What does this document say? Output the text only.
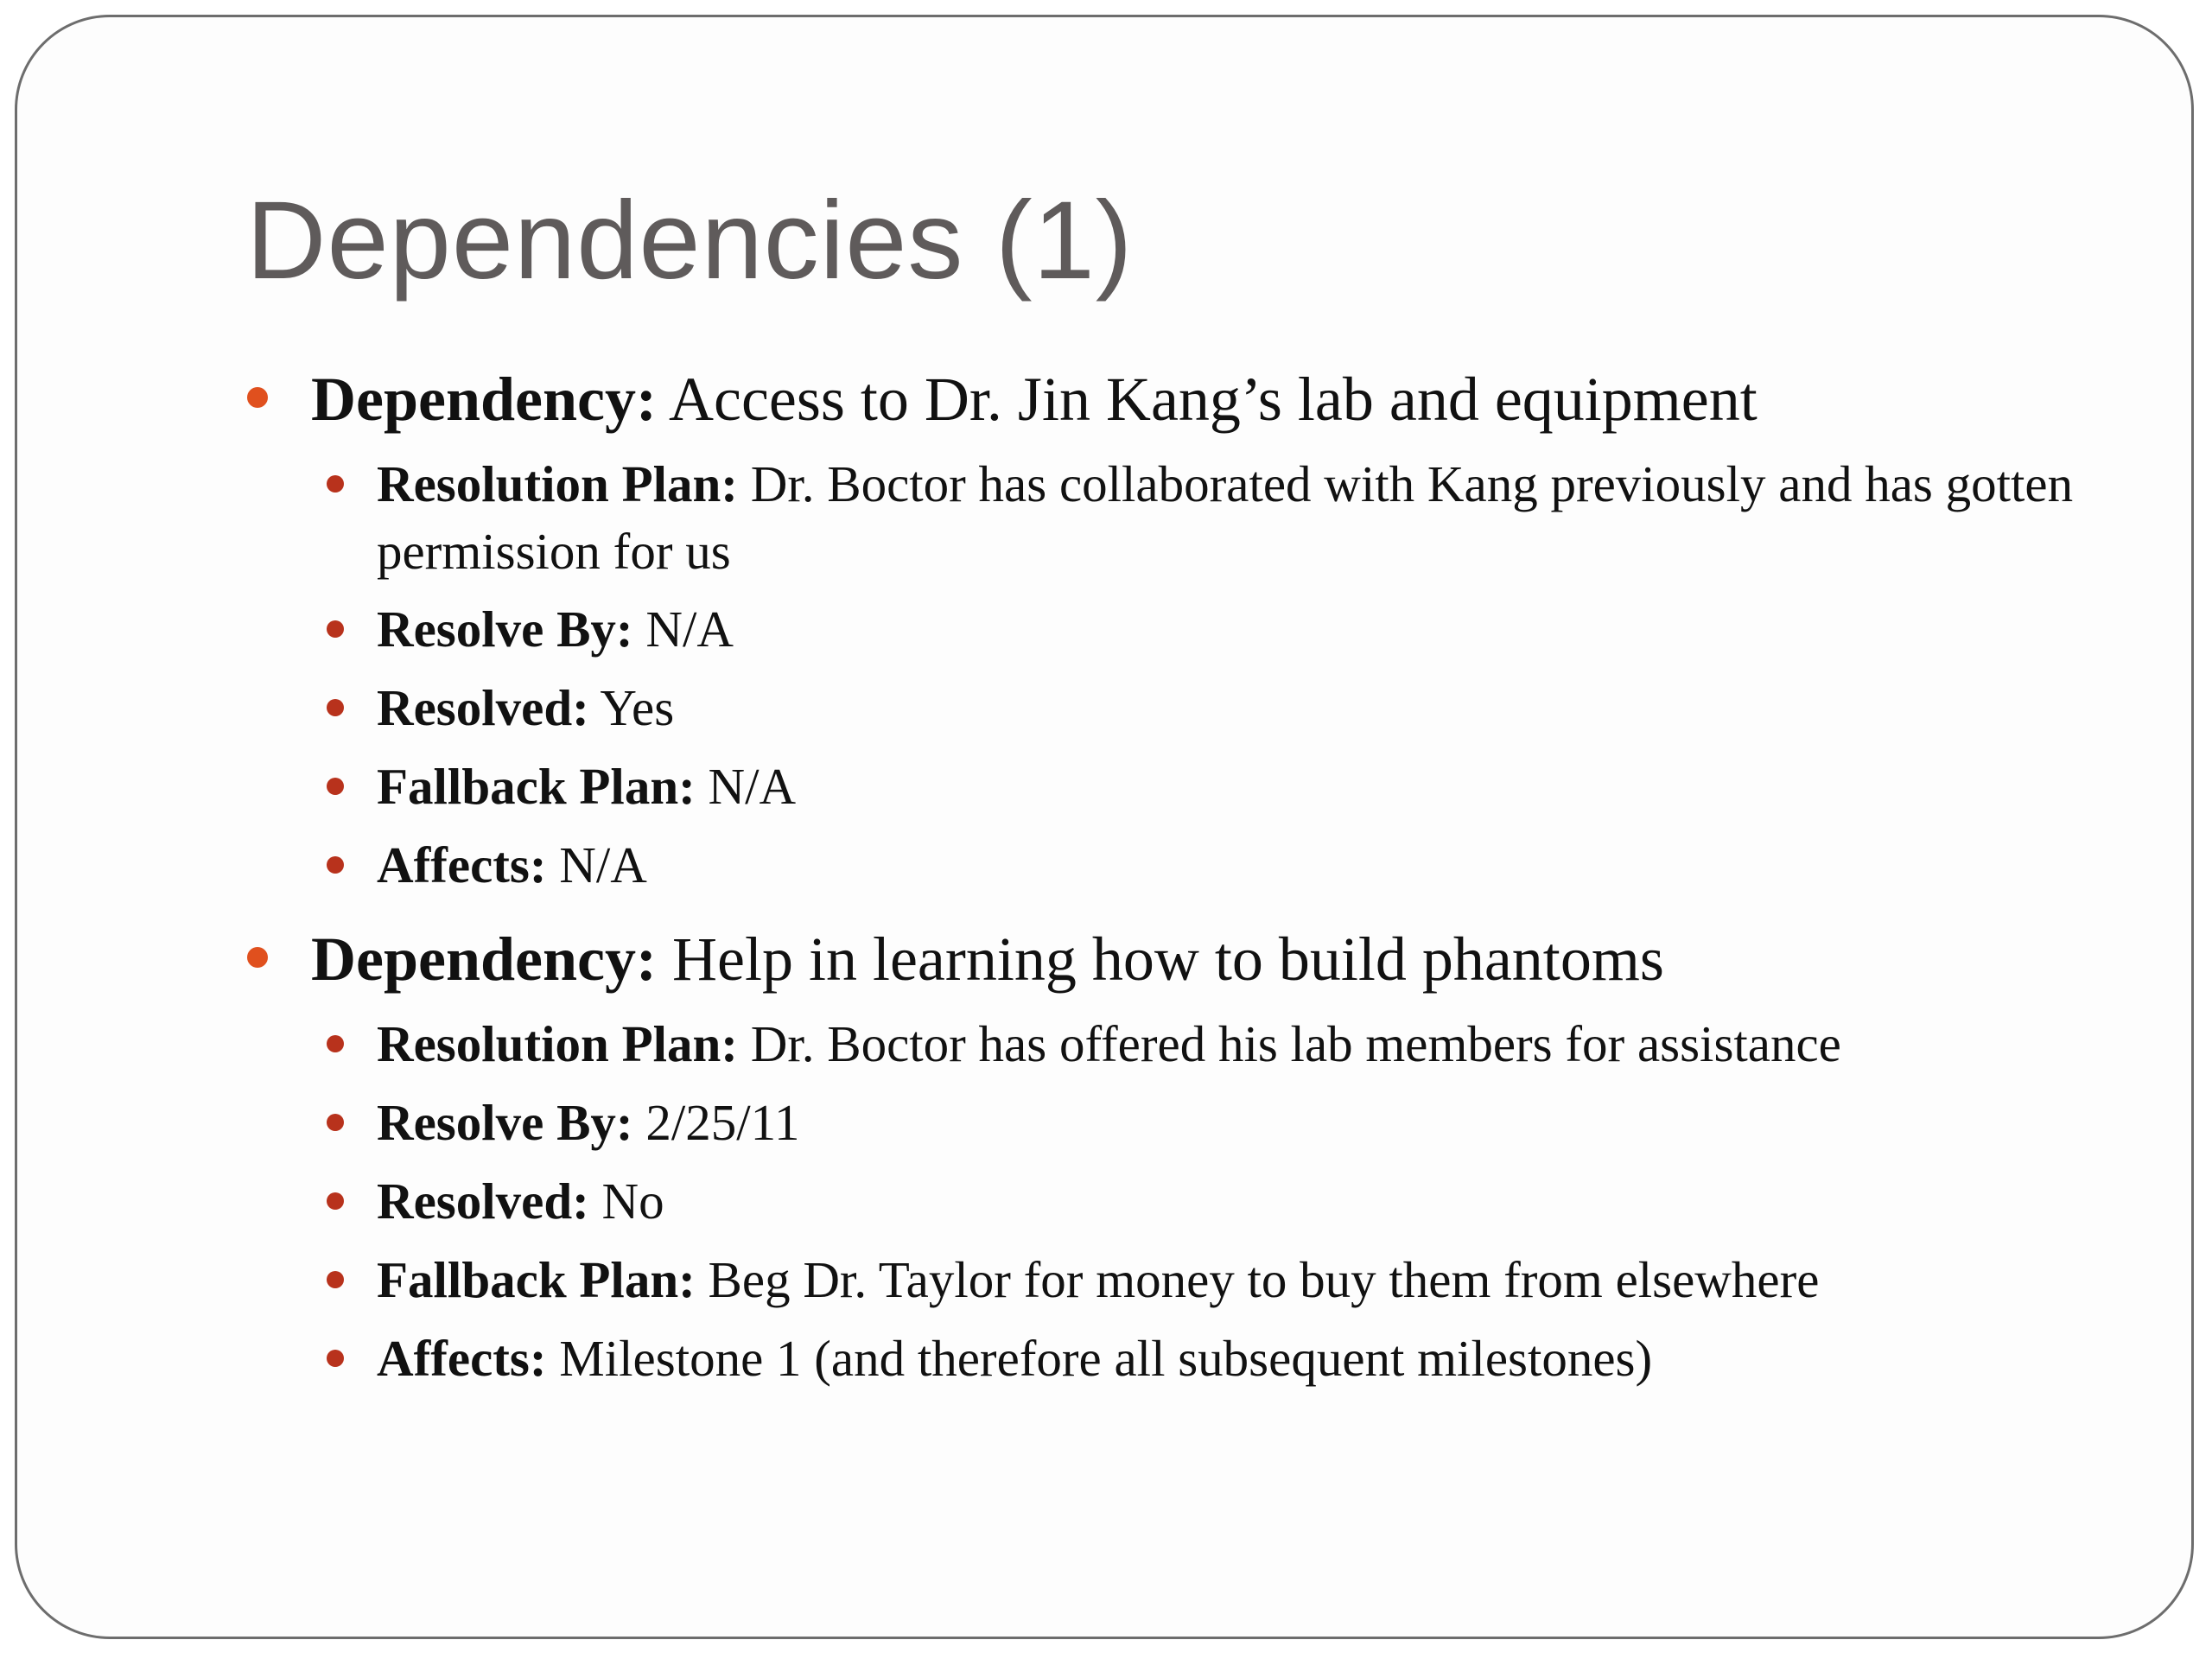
Dependencies (1)
Dependency: Access to Dr. Jin Kang’s lab and equipment
Resolution Plan: Dr. Boctor has collaborated with Kang previously and has gotten permission for us
Resolve By: N/A
Resolved: Yes
Fallback Plan: N/A
Affects: N/A
Dependency: Help in learning how to build phantoms
Resolution Plan: Dr. Boctor has offered his lab members for assistance
Resolve By: 2/25/11
Resolved: No
Fallback Plan: Beg Dr. Taylor for money to buy them from elsewhere
Affects: Milestone 1 (and therefore all subsequent milestones)
